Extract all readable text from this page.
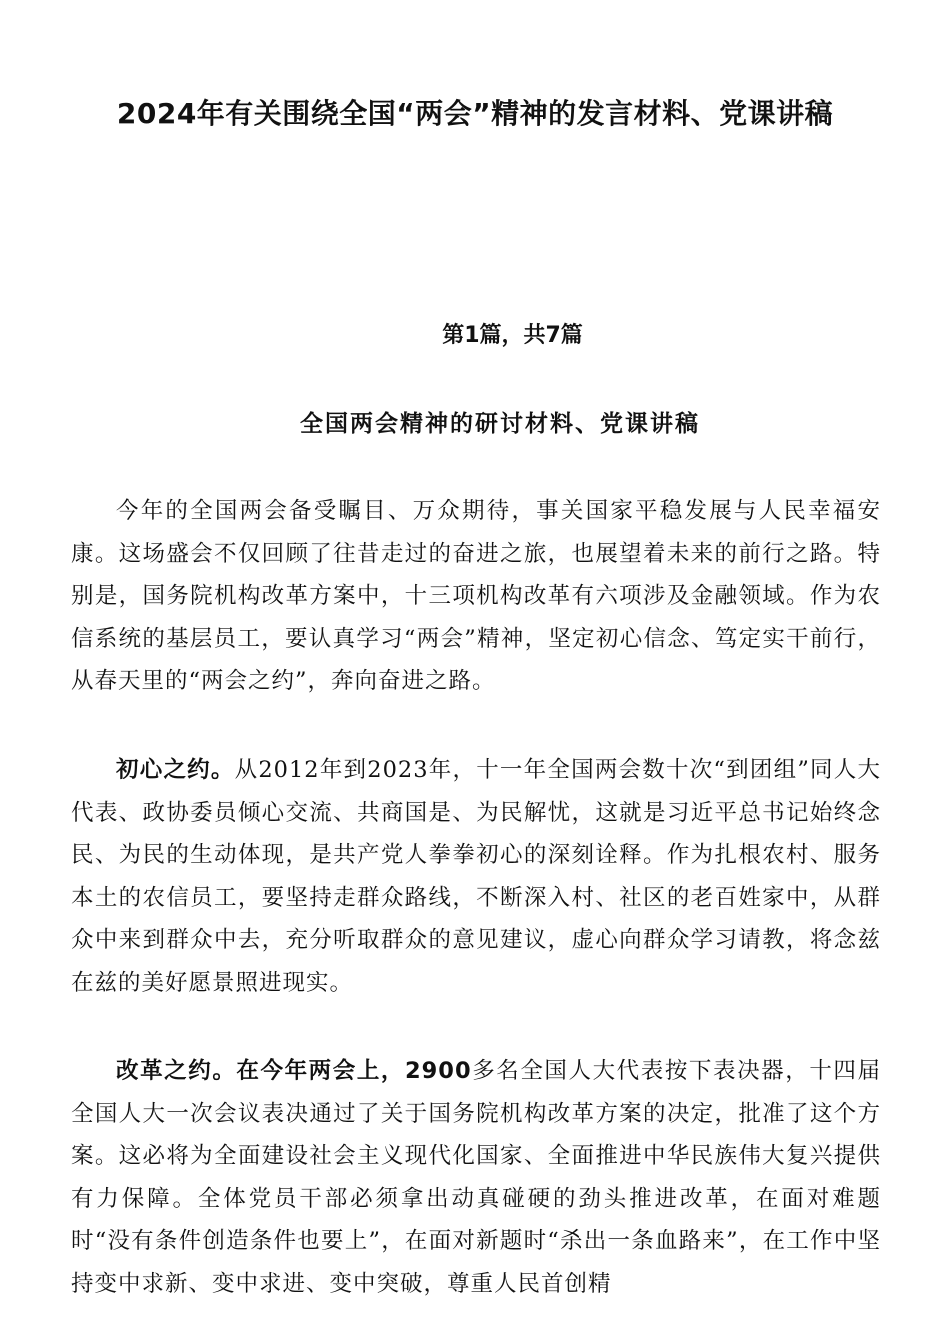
2024年有关围绕全国“两会”精神的发言材料、党课讲稿
第1篇，共7篇
全国两会精神的研讨材料、党课讲稿

今年的全国两会备受瞩目、万众期待，事关国家平稳发展与人民幸福安康。这场盛会不仅回顾了往昔走过的奋进之旅，也展望着未来的前行之路。特别是，国务院机构改革方案中，十三项机构改革有六项涉及金融领域。作为农信系统的基层员工，要认真学习“两会”精神，坚定初心信念、笃定实干前行，从春天里的“两会之约”，奔向奋进之路。

初心之约。从2012年到2023年，十一年全国两会数十次“到团组”同人大代表、政协委员倾心交流、共商国是、为民解忧，这就是习近平总书记始终念民、为民的生动体现，是共产党人拳拳初心的深刻诠释。作为扎根农村、服务本土的农信员工，要坚持走群众路线，不断深入村、社区的老百姓家中，从群众中来到群众中去，充分听取群众的意见建议，虚心向群众学习请教，将念兹在兹的美好愿景照进现实。

改革之约。在今年两会上，2900多名全国人大代表按下表决器，十四届全国人大一次会议表决通过了关于国务院机构改革方案的决定，批准了这个方案。这必将为全面建设社会主义现代化国家、全面推进中华民族伟大复兴提供有力保障。全体党员干部必须拿出动真碰硬的劲头推进改革，在面对难题时“没有条件创造条件也要上”，在面对新题时“杀出一条血路来”，在工作中坚持变中求新、变中求进、变中突破，尊重人民首创精
